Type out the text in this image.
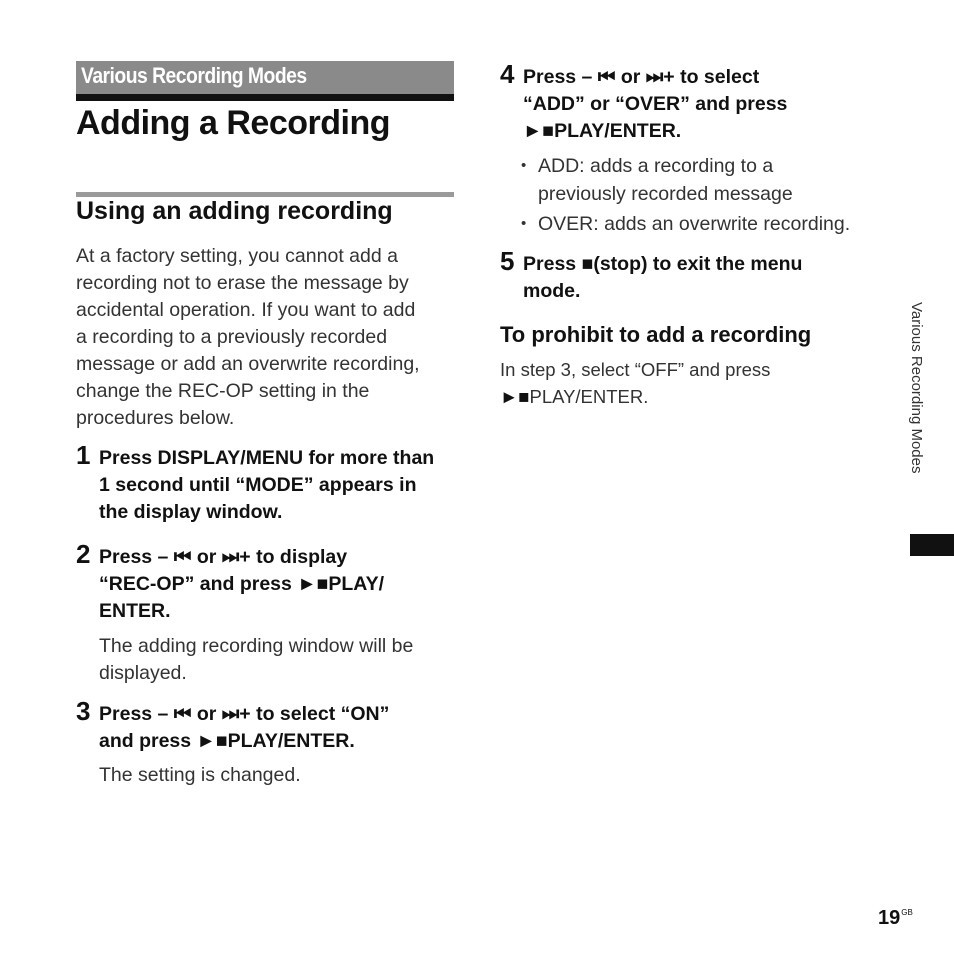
Various Recording Modes
Adding a Recording
Using an adding recording
At a factory setting, you cannot add a
recording not to erase the message by
accidental operation. If you want to add
a recording to a previously recorded
message or add an overwrite recording,
change the REC-OP setting in the
procedures below.
1 Press DISPLAY/MENU for more than
1 second until “MODE” appears in
the display window.
2 Press – ⏮ or ⏭+ to display
“REC-OP” and press ►■PLAY/
ENTER.
The adding recording window will be
displayed.
3 Press – ⏮ or ⏭+ to select “ON”
and press ►■PLAY/ENTER.
The setting is changed.
4 Press – ⏮ or ⏭+ to select
“ADD” or “OVER” and press
►■PLAY/ENTER.
• ADD: adds a recording to a
previously recorded message
• OVER: adds an overwrite recording.
5 Press ■(stop) to exit the menu
mode.
To prohibit to add a recording
In step 3, select “OFF” and press
►■PLAY/ENTER.	Various Recording Modes
$19^{GB}$
